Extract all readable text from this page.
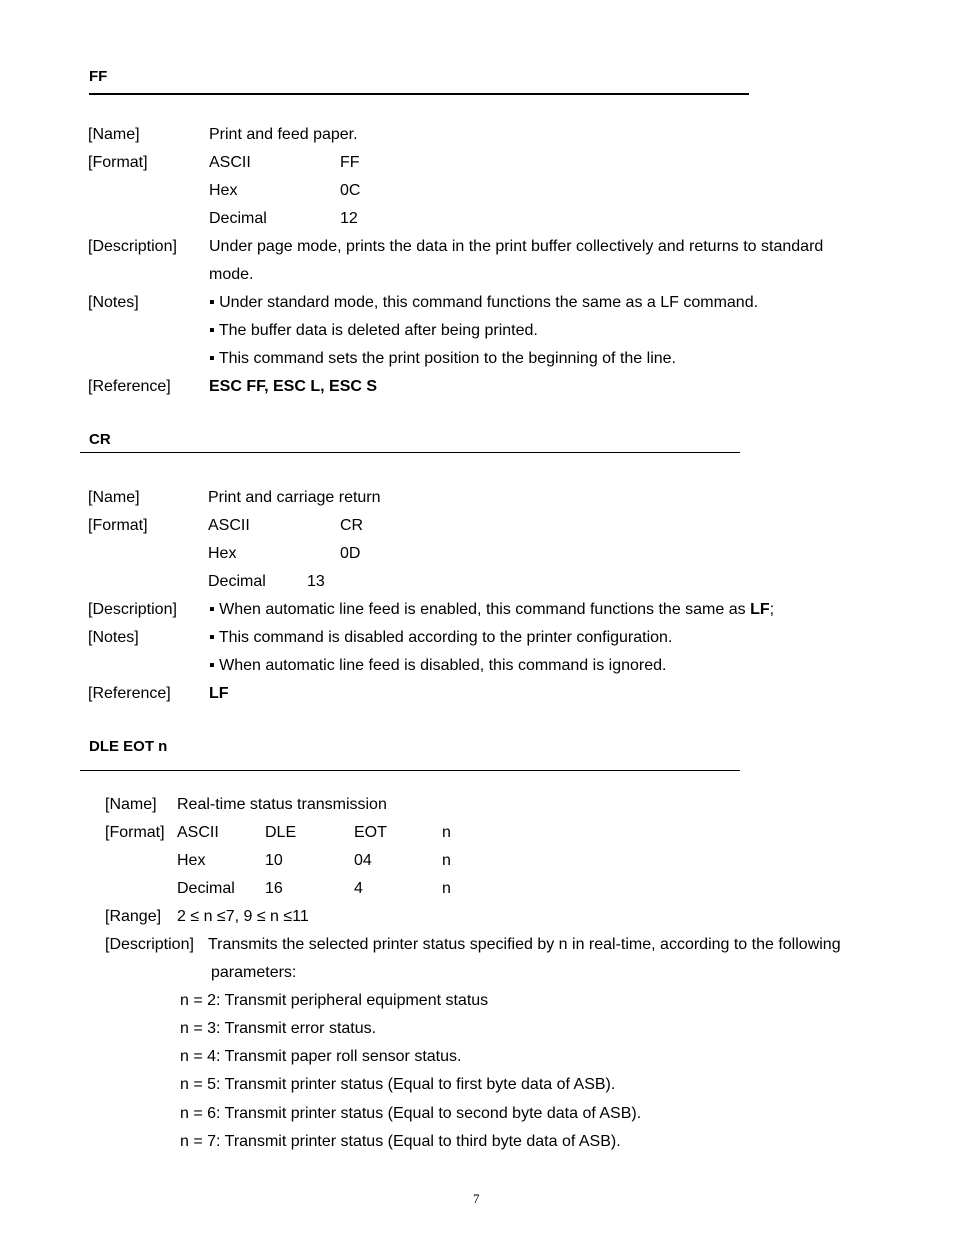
FF
[Name]	Print and feed paper.
[Format]	ASCII	FF
Hex	0C
Decimal	12
[Description] Under page mode, prints the data in the print buffer collectively and returns to standard
mode.
[Notes]	▪ Under standard mode, this command functions the same as a LF command.
▪ The buffer data is deleted after being printed.
▪ This command sets the print position to the beginning of the line.
[Reference] ESC FF, ESC L, ESC S
CR
[Name]	Print and carriage return
[Format]	ASCII	CR
Hex	0D
Decimal	13
[Description] ▪ When automatic line feed is enabled, this command functions the same as LF;
[Notes]	▪ This command is disabled according to the printer configuration.
▪ When automatic line feed is disabled, this command is ignored.
[Reference] LF
DLE EOT n
[Name] Real-time status transmission
[Format] ASCII	DLE	EOT	n
Hex	10	04	n
Decimal 16	4	n
[Range] 2 ≤ n ≤7, 9 ≤ n ≤11
[Description] Transmits the selected printer status specified by n in real-time, according to the following
parameters:
n = 2: Transmit peripheral equipment status
n = 3: Transmit error status.
n = 4: Transmit paper roll sensor status.
n = 5: Transmit printer status (Equal to first byte data of ASB).
n = 6: Transmit printer status (Equal to second byte data of ASB).
n = 7: Transmit printer status (Equal to third byte data of ASB).
7
